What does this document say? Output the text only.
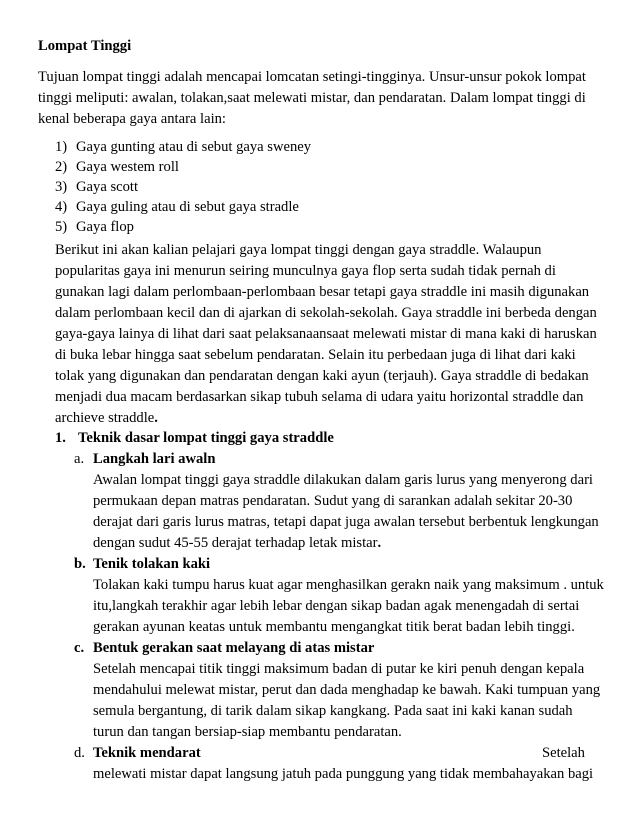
Lompat Tinggi

Tujuan lompat tinggi adalah mencapai lomcatan setingi-tingginya. Unsur-unsur pokok lompat tinggi meliputi: awalan, tolakan,saat melewati mistar, dan pendaratan. Dalam lompat tinggi di kenal beberapa gaya antara lain:

1) Gaya gunting atau di sebut gaya sweney
2) Gaya westem roll
3) Gaya scott
4) Gaya guling atau di sebut gaya stradle
5) Gaya flop

Berikut ini akan kalian pelajari gaya lompat tinggi dengan gaya straddle. Walaupun popularitas gaya ini menurun seiring munculnya gaya flop serta sudah tidak pernah di gunakan lagi dalam perlombaan-perlombaan besar tetapi gaya straddle ini masih digunakan dalam perlombaan kecil dan di ajarkan di sekolah-sekolah. Gaya straddle ini berbeda dengan gaya-gaya lainya di lihat dari saat pelaksanaansaat melewati mistar di mana kaki di haruskan di buka lebar hingga saat sebelum pendaratan. Selain itu perbedaan juga di lihat dari kaki tolak yang digunakan dan pendaratan dengan kaki ayun (terjauh). Gaya straddle di bedakan menjadi dua macam berdasarkan sikap tubuh selama di udara yaitu horizontal straddle dan archieve straddle.

1. Teknik dasar lompat tinggi gaya straddle

a. Langkah lari awaln

Awalan lompat tinggi gaya straddle dilakukan dalam garis lurus yang menyerong dari permukaan depan matras pendaratan. Sudut yang di sarankan adalah sekitar 20-30 derajat dari garis lurus matras, tetapi dapat juga awalan tersebut berbentuk lengkungan dengan sudut 45-55 derajat terhadap letak mistar.

b. Tenik tolakan kaki

Tolakan kaki tumpu harus kuat agar menghasilkan gerakn naik yang maksimum . untuk itu,langkah terakhir agar lebih lebar dengan sikap badan agak menengadah di sertai gerakan ayunan keatas untuk membantu mengangkat titik berat badan lebih tinggi.

c. Bentuk gerakan saat melayang di atas mistar

Setelah mencapai titik tinggi maksimum badan di putar ke kiri penuh dengan kepala mendahului melewat mistar, perut dan dada menghadap ke bawah. Kaki tumpuan yang semula bergantung, di tarik dalam sikap kangkang. Pada saat ini kaki kanan sudah turun dan tangan bersiap-siap membantu pendaratan.

d. Teknik mendarat	Setelah

melewati mistar dapat langsung jatuh pada punggung yang tidak membahayakan bagi
